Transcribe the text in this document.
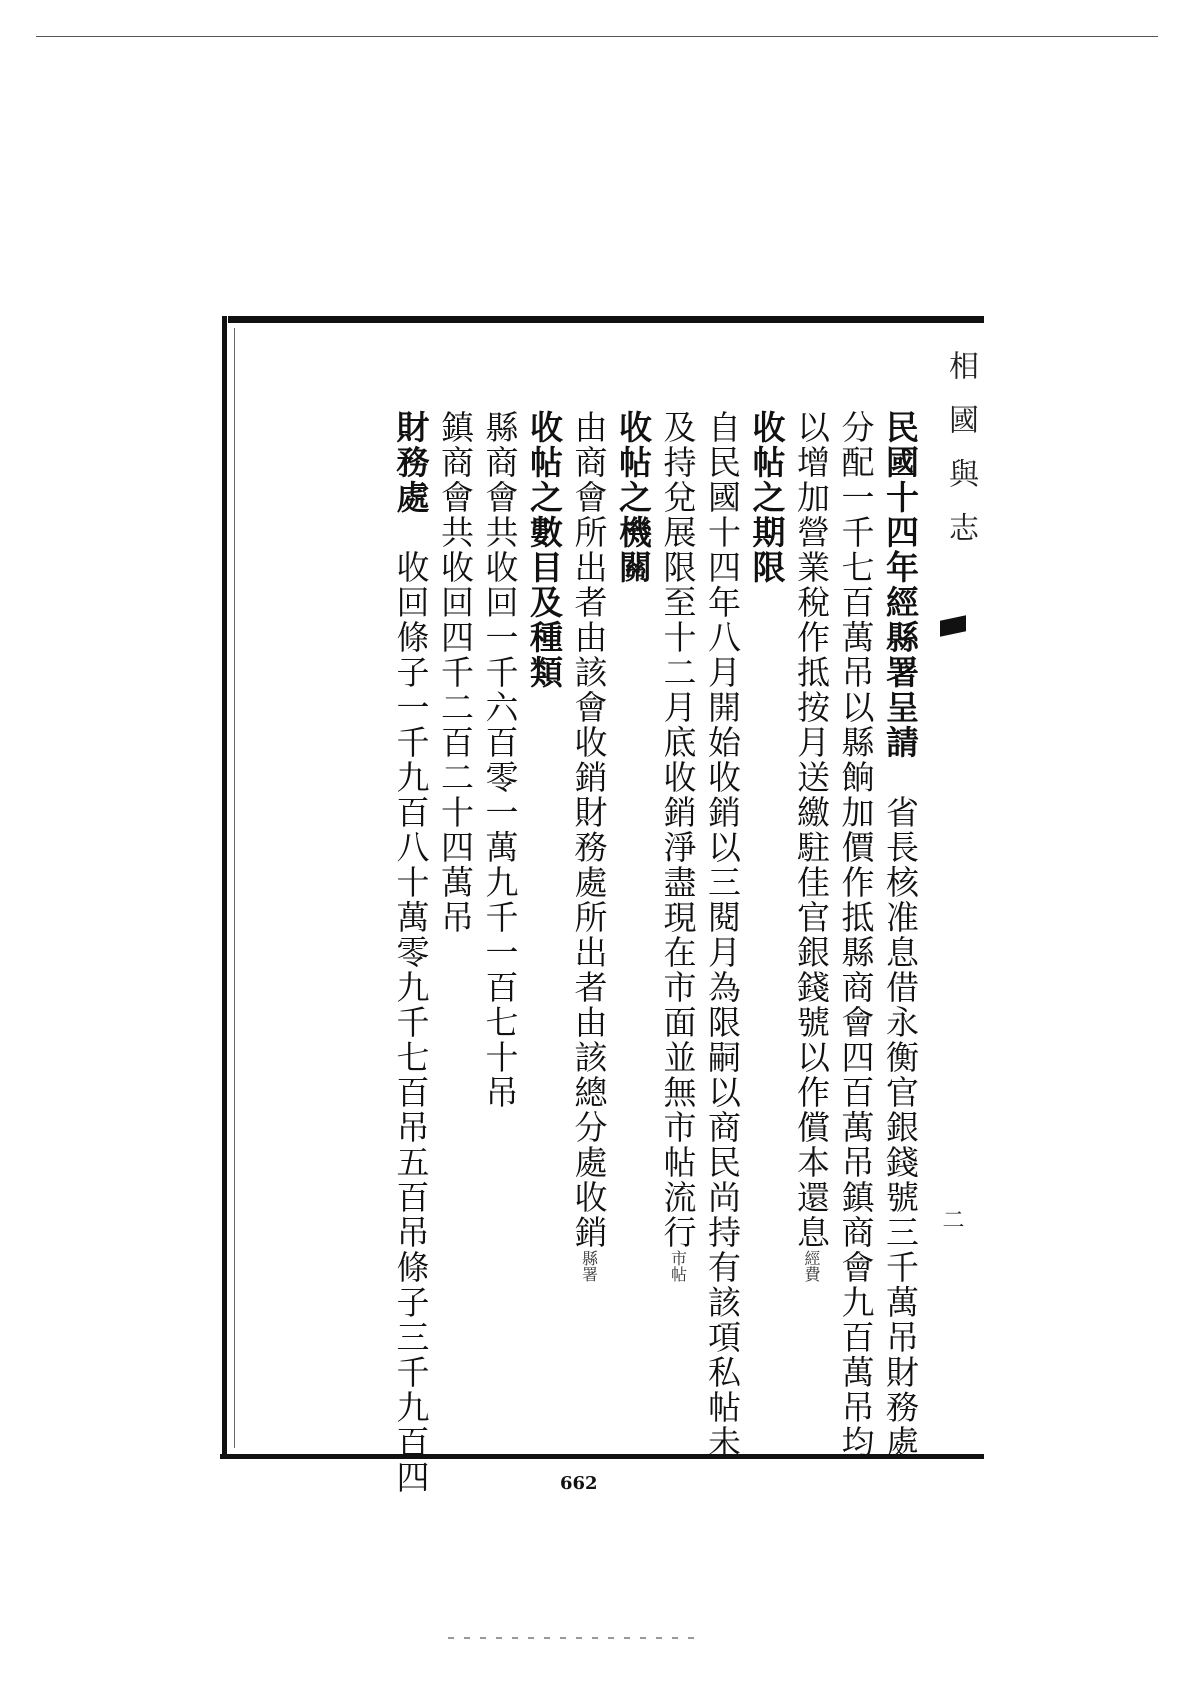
相國與志
二
民國十四年經縣署呈請　省長核准息借永衡官銀錢號三千萬吊財務處
分配一千七百萬吊以縣餉加價作抵縣商會四百萬吊鎮商會九百萬吊均
以增加營業稅作抵按月送繳駐佳官銀錢號以作償本還息經費
收帖之期限
自民國十四年八月開始收銷以三閱月為限嗣以商民尚持有該項私帖未
及持兌展限至十二月底收銷淨盡現在市面並無市帖流行市帖
收帖之機關
由商會所出者由該會收銷財務處所出者由該總分處收銷縣署
收帖之數目及種類
縣商會共收回一千六百零一萬九千一百七十吊
鎮商會共收回四千二百二十四萬吊
財務處　收回條子一千九百八十萬零九千七百吊五百吊條子三千九百四	662
